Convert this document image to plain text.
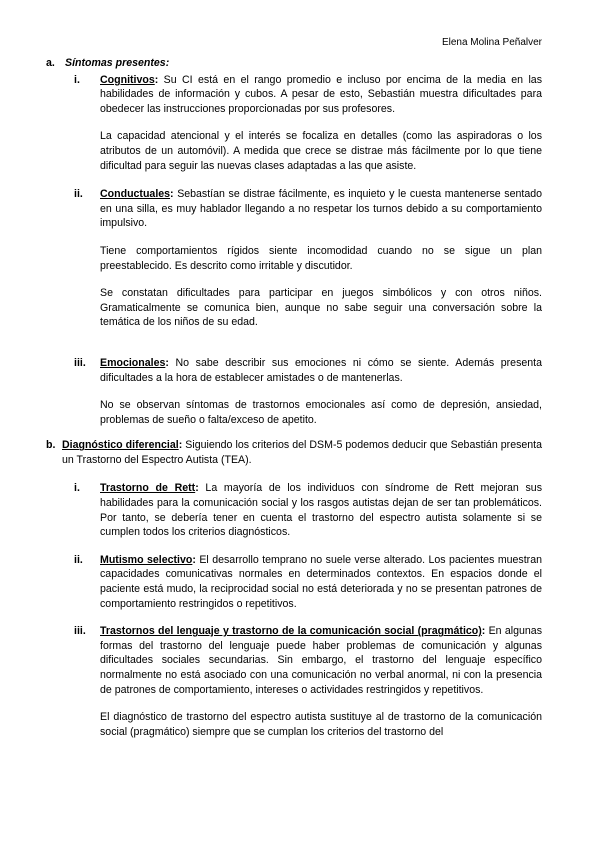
Elena Molina Peñalver
a. Síntomas presentes:
i.	Cognitivos: Su CI está en el rango promedio e incluso por encima de la media en las habilidades de información y cubos. A pesar de esto, Sebastián muestra dificultades para obedecer las instrucciones proporcionadas por sus profesores.

La capacidad atencional y el interés se focaliza en detalles (como las aspiradoras o los atributos de un automóvil). A medida que crece se distrae más fácilmente por lo que tiene dificultad para seguir las nuevas clases adaptadas a las que asiste.

ii.	Conductuales: Sebastían se distrae fácilmente, es inquieto y le cuesta mantenerse sentado en una silla, es muy hablador llegando a no respetar los turnos debido a su comportamiento impulsivo.

Tiene comportamientos rígidos siente incomodidad cuando no se sigue un plan preestablecido. Es descrito como irritable y discutidor.

Se constatan dificultades para participar en juegos simbólicos y con otros niños. Gramaticalmente se comunica bien, aunque no sabe seguir una conversación sobre la temática de los niños de su edad.

iii.	Emocionales: No sabe describir sus emociones ni cómo se siente. Además presenta dificultades a la hora de establecer amistades o de mantenerlas.

No se observan síntomas de trastornos emocionales así como de depresión, ansiedad, problemas de sueño o falta/exceso de apetito.

b. Diagnóstico diferencial: Siguiendo los criterios del DSM-5 podemos deducir que Sebastián presenta un Trastorno del Espectro Autista (TEA).
i.	Trastorno de Rett: La mayoría de los individuos con síndrome de Rett mejoran sus habilidades para la comunicación social y los rasgos autistas dejan de ser tan problemáticos. Por tanto, se debería tener en cuenta el trastorno del espectro autista solamente si se cumplen todos los criterios diagnósticos.

ii.	Mutismo selectivo: El desarrollo temprano no suele verse alterado. Los pacientes muestran capacidades comunicativas normales en determinados contextos. En espacios donde el paciente está mudo, la reciprocidad social no está deteriorada y no se presentan patrones de comportamiento restringidos o repetitivos.

iii.	Trastornos del lenguaje y trastorno de la comunicación social (pragmático): En algunas formas del trastorno del lenguaje puede haber problemas de comunicación y algunas dificultades sociales secundarias. Sin embargo, el trastorno del lenguaje específico normalmente no está asociado con una comunicación no verbal anormal, ni con la presencia de patrones de comportamiento, intereses o actividades restringidos y repetitivos.

El diagnóstico de trastorno del espectro autista sustituye al de trastorno de la comunicación social (pragmático) siempre que se cumplan los criterios del trastorno del
